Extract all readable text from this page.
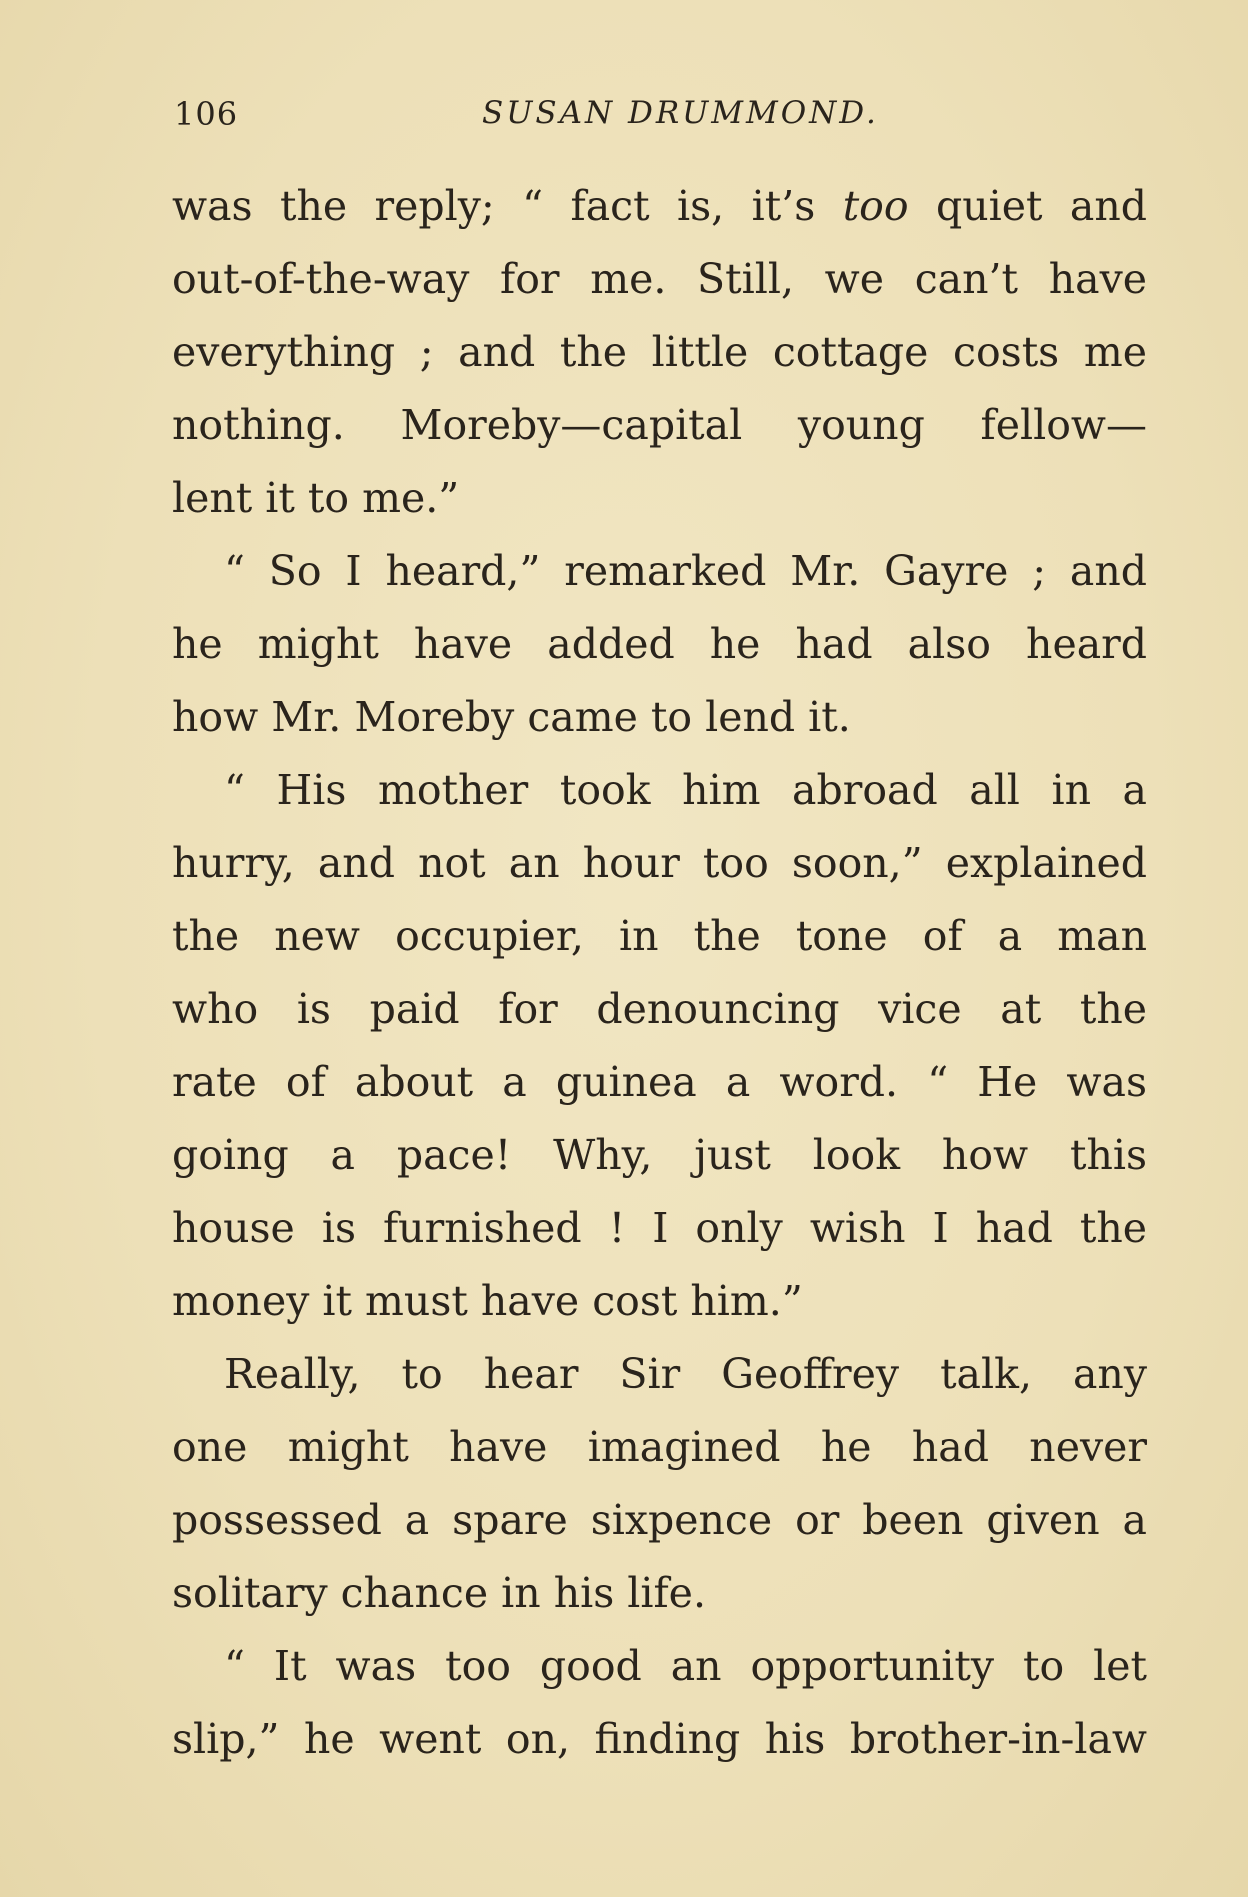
106	SUSAN DRUMMOND.
was the reply; “ fact is, it’s too quiet and
out-of-the-way for me. Still, we can’t have
everything ; and the little cottage costs me
nothing. Moreby—capital young fellow—
lent it to me.”
“ So I heard,” remarked Mr. Gayre ; and
he might have added he had also heard
how Mr. Moreby came to lend it.
“ His mother took him abroad all in a
hurry, and not an hour too soon,” explained
the new occupier, in the tone of a man
who is paid for denouncing vice at the
rate of about a guinea a word. “ He was
going a pace! Why, just look how this
house is furnished ! I only wish I had the
money it must have cost him.”
Really, to hear Sir Geoffrey talk, any
one might have imagined he had never
possessed a spare sixpence or been given a
solitary chance in his life.
“ It was too good an opportunity to let
slip,” he went on, finding his brother-in-law
